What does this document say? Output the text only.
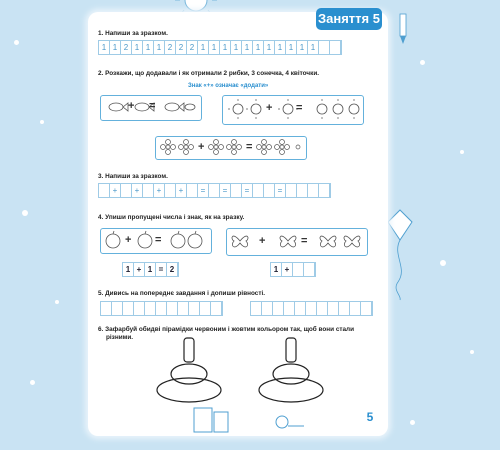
Заняття 5
1. Напиши за зразком.
1 1 2 1 1 1 2 2 2 1 1 1 1 1 1 1 1 1 1 1
2. Розкажи, що додавали і як отримали 2 рибки, 3 сонечка, 4 квіточки.
Знак «+» означає «додати»
+ =	+ =
+	=
3. Напиши за зразком.
+	+	+	+	=	=	=	=
4. Упиши пропущені числа і знак, як на зразку.
+ =	+	=
1 + 1 = 2	1 +
5. Дивись на попереднє завдання і допиши рівності.
6. Зафарбуй обидві пірамідки червоним і жовтим кольором так, щоб вони стали
різними.
5
